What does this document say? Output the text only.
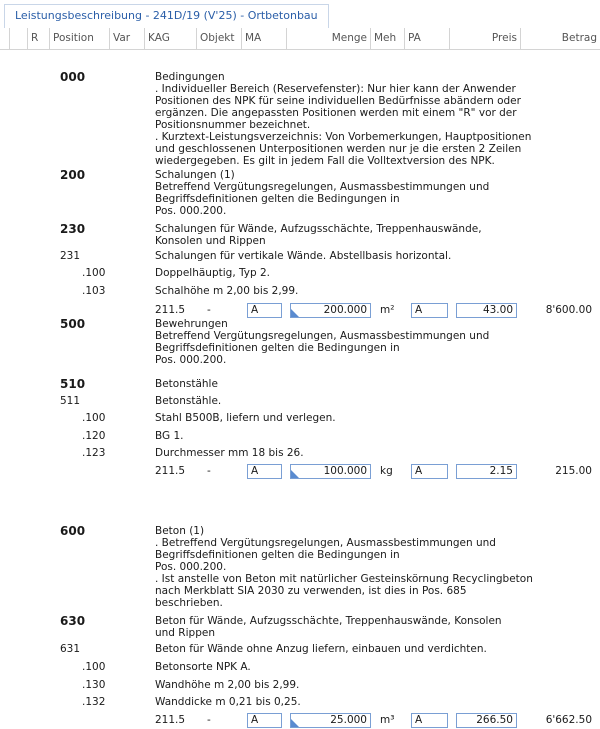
Leistungsbeschreibung - 241D/19 (V'25) - Ortbetonbau
R	Position	Var	KAG	Objekt MA	Menge Meh	PA	Preis	Betrag
000	Bedingungen
. Individueller Bereich (Reservefenster): Nur hier kann der Anwender
Positionen des NPK für seine individuellen Bedürfnisse abändern oder
ergänzen. Die angepassten Positionen werden mit einem "R" vor der
Positionsnummer bezeichnet.
. Kurztext-Leistungsverzeichnis: Von Vorbemerkungen, Hauptpositionen
und geschlossenen Unterpositionen werden nur je die ersten 2 Zeilen
wiedergegeben. Es gilt in jedem Fall die Volltextversion des NPK.
200	Schalungen (1)
Betreffend Vergütungsregelungen, Ausmassbestimmungen und
Begriffsdefinitionen gelten die Bedingungen in
Pos. 000.200.
230	Schalungen für Wände, Aufzugsschächte, Treppenhauswände,
Konsolen und Rippen
231	Schalungen für vertikale Wände. Abstellbasis horizontal.
.100	Doppelhäuptig, Typ 2.
.103	Schalhöhe m 2,00 bis 2,99.
211.5 -	A	200.000	m²	A	43.00	8'600.00
500	Bewehrungen
Betreffend Vergütungsregelungen, Ausmassbestimmungen und
Begriffsdefinitionen gelten die Bedingungen in
Pos. 000.200.
510	Betonstähle
511	Betonstähle.
.100	Stahl B500B, liefern und verlegen.
.120	BG 1.
.123	Durchmesser mm 18 bis 26.
211.5 -	A	100.000	kg	A	2.15	215.00
600	Beton (1)
. Betreffend Vergütungsregelungen, Ausmassbestimmungen und
Begriffsdefinitionen gelten die Bedingungen in
Pos. 000.200.
. Ist anstelle von Beton mit natürlicher Gesteinskörnung Recyclingbeton
nach Merkblatt SIA 2030 zu verwenden, ist dies in Pos. 685
beschrieben.
630	Beton für Wände, Aufzugsschächte, Treppenhauswände, Konsolen
und Rippen
631	Beton für Wände ohne Anzug liefern, einbauen und verdichten.
.100	Betonsorte NPK A.
.130	Wandhöhe m 2,00 bis 2,99.
.132	Wanddicke m 0,21 bis 0,25.
211.5 -	A	25.000	m³	A	266.50	6'662.50
